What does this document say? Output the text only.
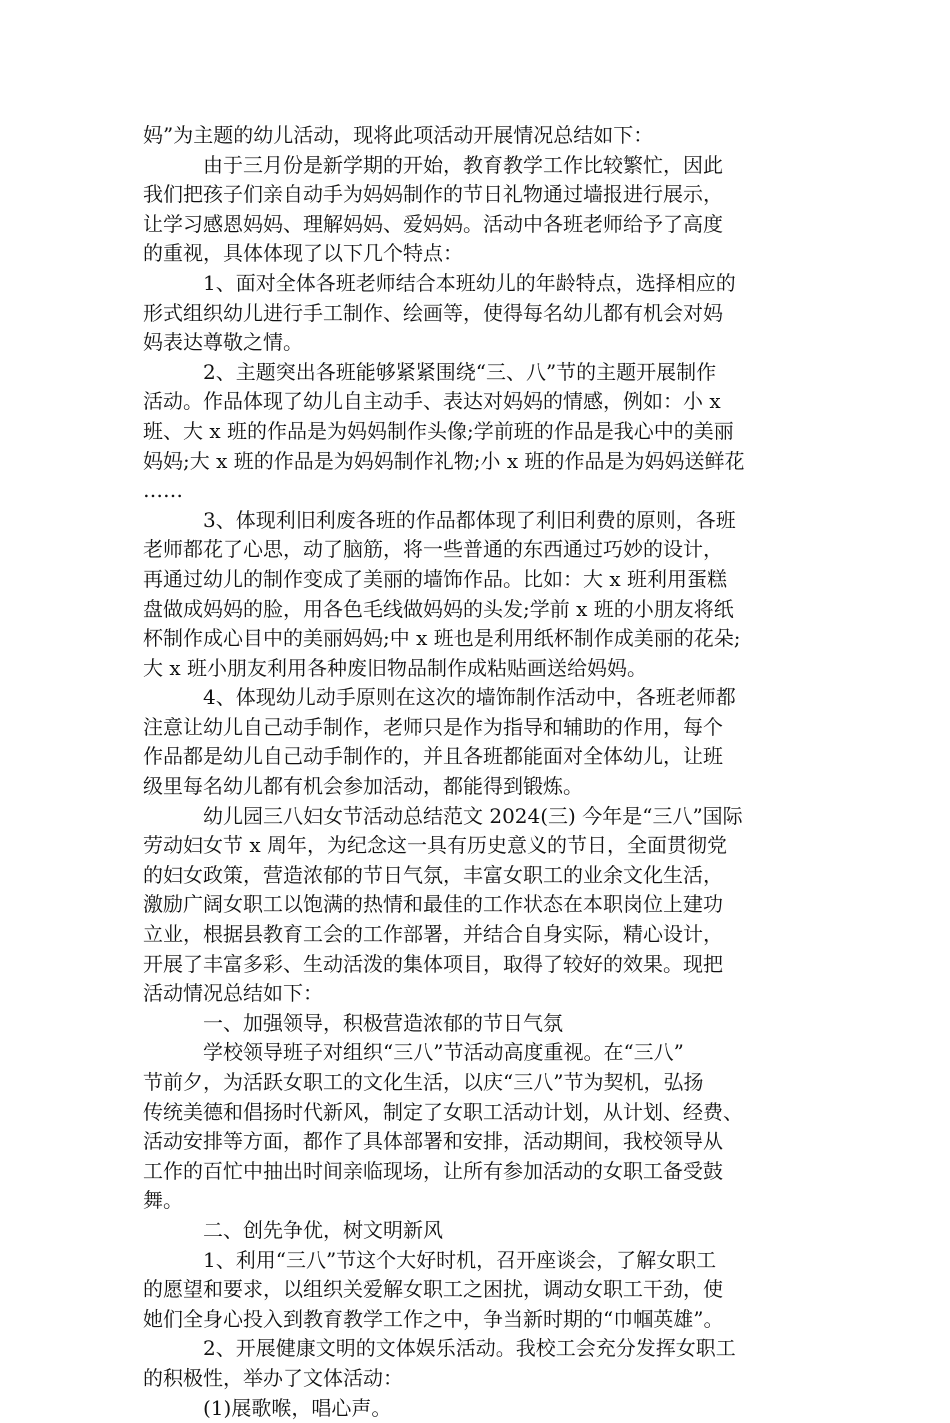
妈”为主题的幼儿活动，现将此项活动开展情况总结如下：
由于三月份是新学期的开始，教育教学工作比较繁忙，因此
我们把孩子们亲自动手为妈妈制作的节日礼物通过墙报进行展示，
让学习感恩妈妈、理解妈妈、爱妈妈。活动中各班老师给予了高度
的重视，具体体现了以下几个特点：
1、面对全体各班老师结合本班幼儿的年龄特点，选择相应的
形式组织幼儿进行手工制作、绘画等，使得每名幼儿都有机会对妈
妈表达尊敬之情。
2、主题突出各班能够紧紧围绕“三、八”节的主题开展制作
活动。作品体现了幼儿自主动手、表达对妈妈的情感，例如：小 x
班、大 x 班的作品是为妈妈制作头像;学前班的作品是我心中的美丽
妈妈;大 x 班的作品是为妈妈制作礼物;小 x 班的作品是为妈妈送鲜花
……
3、体现利旧利废各班的作品都体现了利旧利费的原则，各班
老师都花了心思，动了脑筋，将一些普通的东西通过巧妙的设计，
再通过幼儿的制作变成了美丽的墙饰作品。比如：大 x 班利用蛋糕
盘做成妈妈的脸，用各色毛线做妈妈的头发;学前 x 班的小朋友将纸
杯制作成心目中的美丽妈妈;中 x 班也是利用纸杯制作成美丽的花朵;
大 x 班小朋友利用各种废旧物品制作成粘贴画送给妈妈。
4、体现幼儿动手原则在这次的墙饰制作活动中，各班老师都
注意让幼儿自己动手制作，老师只是作为指导和辅助的作用，每个
作品都是幼儿自己动手制作的，并且各班都能面对全体幼儿，让班
级里每名幼儿都有机会参加活动，都能得到锻炼。
幼儿园三八妇女节活动总结范文 2024(三) 今年是“三八”国际
劳动妇女节 x 周年，为纪念这一具有历史意义的节日，全面贯彻党
的妇女政策，营造浓郁的节日气氛，丰富女职工的业余文化生活，
激励广阔女职工以饱满的热情和最佳的工作状态在本职岗位上建功
立业，根据县教育工会的工作部署，并结合自身实际，精心设计，
开展了丰富多彩、生动活泼的集体项目，取得了较好的效果。现把
活动情况总结如下：
一、加强领导，积极营造浓郁的节日气氛
学校领导班子对组织“三八”节活动高度重视。在“三八”
节前夕，为活跃女职工的文化生活，以庆“三八”节为契机，弘扬
传统美德和倡扬时代新风，制定了女职工活动计划，从计划、经费、
活动安排等方面，都作了具体部署和安排，活动期间，我校领导从
工作的百忙中抽出时间亲临现场，让所有参加活动的女职工备受鼓
舞。
二、创先争优，树文明新风
1、利用“三八”节这个大好时机，召开座谈会，了解女职工
的愿望和要求，以组织关爱解女职工之困扰，调动女职工干劲，使
她们全身心投入到教育教学工作之中，争当新时期的“巾帼英雄”。
2、开展健康文明的文体娱乐活动。我校工会充分发挥女职工
的积极性，举办了文体活动：
(1)展歌喉，唱心声。
